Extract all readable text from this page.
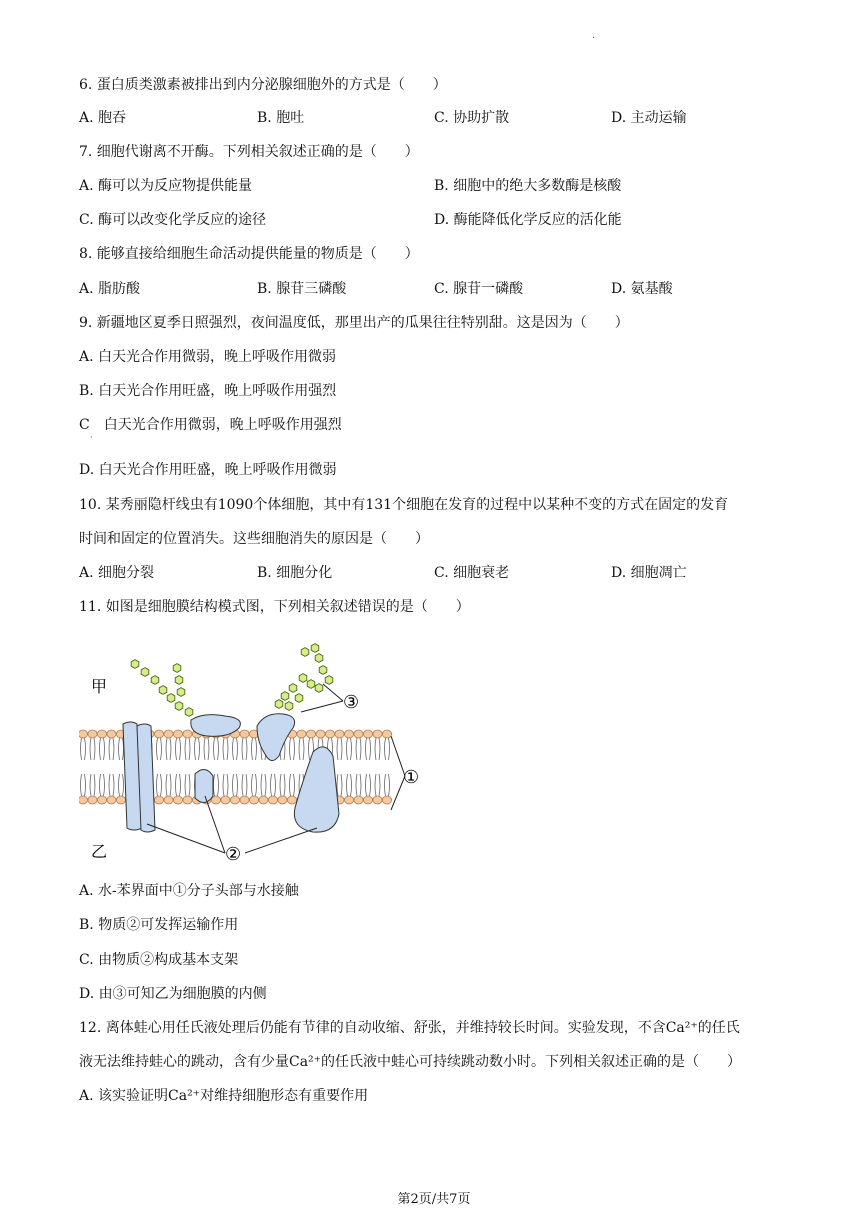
.
6. 蛋白质类激素被排出到内分泌腺细胞外的方式是（　　）
A. 胞吞	B. 胞吐	C. 协助扩散	D. 主动运输
7. 细胞代谢离不开酶。下列相关叙述正确的是（　　）
A. 酶可以为反应物提供能量	B. 细胞中的绝大多数酶是核酸
C. 酶可以改变化学反应的途径	D. 酶能降低化学反应的活化能
8. 能够直接给细胞生命活动提供能量的物质是（　　）
A. 脂肪酸	B. 腺苷三磷酸	C. 腺苷一磷酸	D. 氨基酸
9. 新疆地区夏季日照强烈，夜间温度低，那里出产的瓜果往往特别甜。这是因为（　　）
A. 白天光合作用微弱，晚上呼吸作用微弱
B. 白天光合作用旺盛，晚上呼吸作用强烈
C　白天光合作用微弱，晚上呼吸作用强烈
·
D. 白天光合作用旺盛，晚上呼吸作用微弱
10. 某秀丽隐杆线虫有1090个体细胞，其中有131个细胞在发育的过程中以某种不变的方式在固定的发育
时间和固定的位置消失。这些细胞消失的原因是（　　）
A. 细胞分裂	B. 细胞分化	C. 细胞衰老	D. 细胞凋亡
11. 如图是细胞膜结构模式图，下列相关叙述错误的是（　　）
甲
乙
③
①
②
A. 水-苯界面中①分子头部与水接触
B. 物质②可发挥运输作用
C. 由物质②构成基本支架
D. 由③可知乙为细胞膜的内侧
12. 离体蛙心用任氏液处理后仍能有节律的自动收缩、舒张，并维持较长时间。实验发现，不含Ca²⁺的任氏
液无法维持蛙心的跳动，含有少量Ca²⁺的任氏液中蛙心可持续跳动数小时。下列相关叙述正确的是（　　）
A. 该实验证明Ca²⁺对维持细胞形态有重要作用
第2页/共7页
